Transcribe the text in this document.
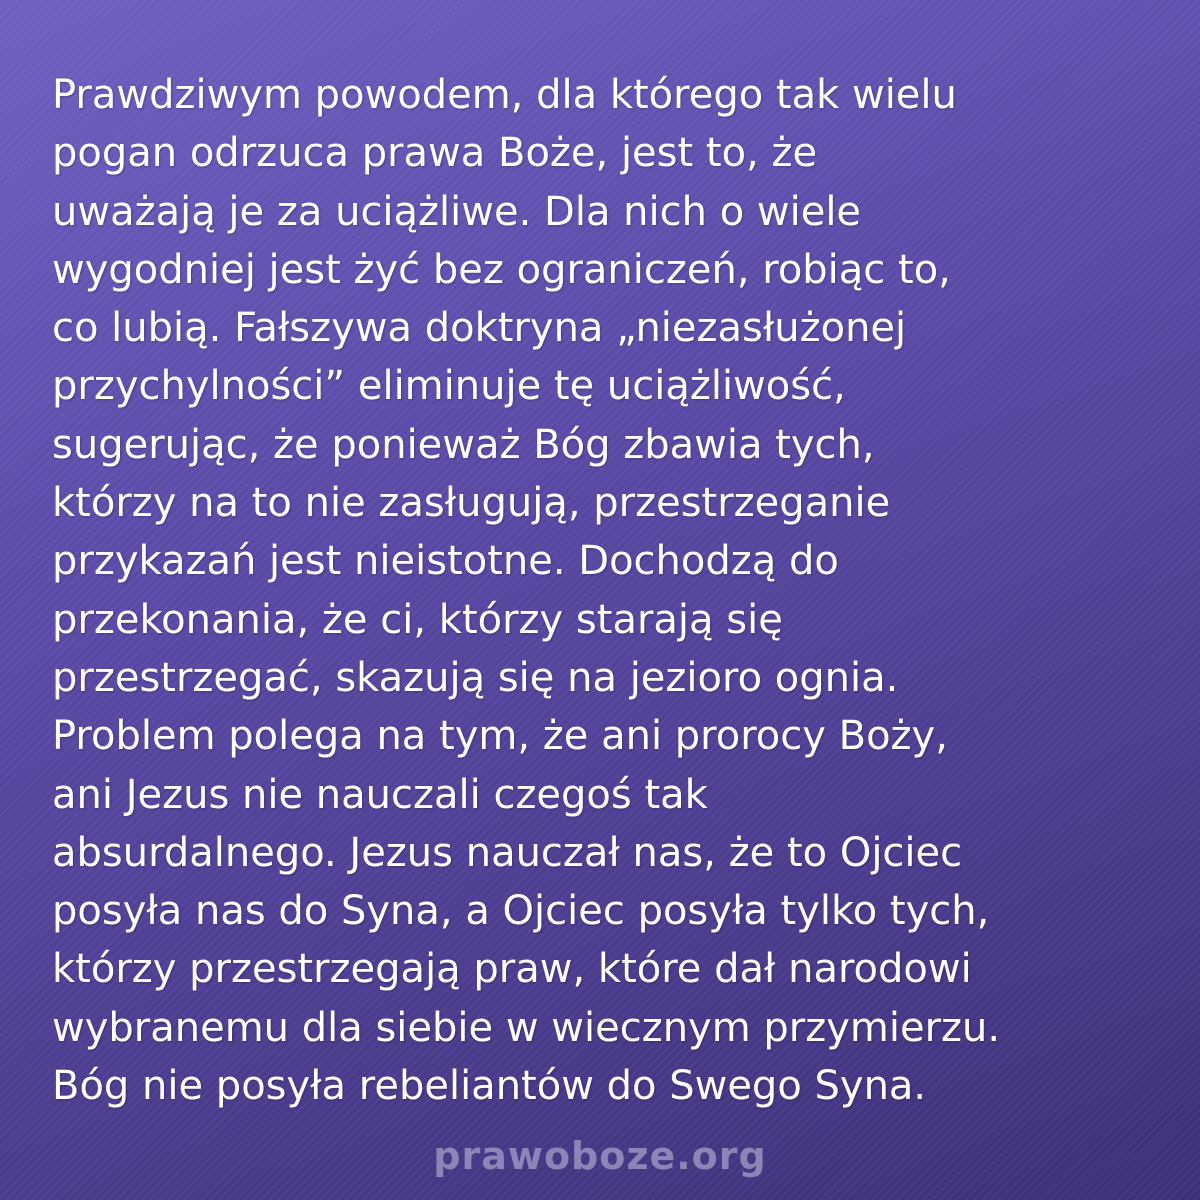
Prawdziwym powodem, dla którego tak wielu
pogan odrzuca prawa Boże, jest to, że
uważają je za uciążliwe. Dla nich o wiele
wygodniej jest żyć bez ograniczeń, robiąc to,
co lubią. Fałszywa doktryna „niezasłużonej
przychylności” eliminuje tę uciążliwość,
sugerując, że ponieważ Bóg zbawia tych,
którzy na to nie zasługują, przestrzeganie
przykazań jest nieistotne. Dochodzą do
przekonania, że ci, którzy starają się
przestrzegać, skazują się na jezioro ognia.
Problem polega na tym, że ani prorocy Boży,
ani Jezus nie nauczali czegoś tak
absurdalnego. Jezus nauczał nas, że to Ojciec
posyła nas do Syna, a Ojciec posyła tylko tych,
którzy przestrzegają praw, które dał narodowi
wybranemu dla siebie w wiecznym przymierzu.
Bóg nie posyła rebeliantów do Swego Syna.

prawoboze.org
